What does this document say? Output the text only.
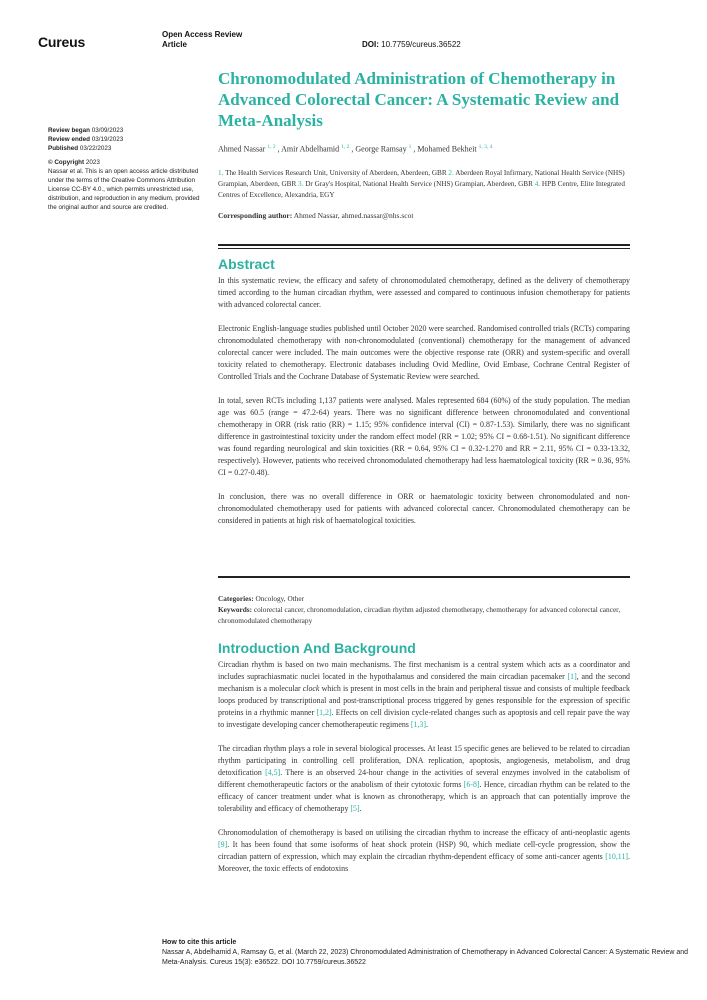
Cureus	Open Access Review
Article	DOI: 10.7759/cureus.36522
Review began 03/09/2023
Review ended 03/19/2023
Published 03/22/2023
© Copyright 2023
Nassar et al. This is an open access article distributed under the terms of the Creative Commons Attribution License CC-BY 4.0., which permits unrestricted use, distribution, and reproduction in any medium, provided the original author and source are credited.
Chronomodulated Administration of Chemotherapy in Advanced Colorectal Cancer: A Systematic Review and Meta-Analysis
Ahmed Nassar $^{1, 2}$ , Amir Abdelhamid $^{1, 2}$ , George Ramsay $^1$ , Mohamed Bekheit $^{1, 3, 4}$
1. The Health Services Research Unit, University of Aberdeen, Aberdeen, GBR 2. Aberdeen Royal Infirmary, National Health Service (NHS) Grampian, Aberdeen, GBR 3. Dr Gray's Hospital, National Health Service (NHS) Grampian, Aberdeen, GBR 4. HPB Centre, Elite Integrated Centres of Excellence, Alexandria, EGY
Corresponding author: Ahmed Nassar, ahmed.nassar@nhs.scot
Abstract

In this systematic review, the efficacy and safety of chronomodulated chemotherapy, defined as the delivery of chemotherapy timed according to the human circadian rhythm, were assessed and compared to continuous infusion chemotherapy for patients with advanced colorectal cancer.

Electronic English-language studies published until October 2020 were searched. Randomised controlled trials (RCTs) comparing chronomodulated chemotherapy with non-chronomodulated (conventional) chemotherapy for the management of advanced colorectal cancer were included. The main outcomes were the objective response rate (ORR) and system-specific and overall toxicity related to chemotherapy. Electronic databases including Ovid Medline, Ovid Embase, Cochrane Central Register of Controlled Trials and the Cochrane Database of Systematic Review were searched.

In total, seven RCTs including 1,137 patients were analysed. Males represented 684 (60%) of the study population. The median age was 60.5 (range = 47.2-64) years. There was no significant difference between chronomodulated and conventional chemotherapy in ORR (risk ratio (RR) = 1.15; 95% confidence interval (CI) = 0.87-1.53). Similarly, there was no significant difference in gastrointestinal toxicity under the random effect model (RR = 1.02; 95% CI = 0.68-1.51). No significant difference was found regarding neurological and skin toxicities (RR = 0.64, 95% CI = 0.32-1.270 and RR = 2.11, 95% CI = 0.33-13.32, respectively). However, patients who received chronomodulated chemotherapy had less haematological toxicity (RR = 0.36, 95% CI = 0.27-0.48).

In conclusion, there was no overall difference in ORR or haematologic toxicity between chronomodulated and non-chronomodulated chemotherapy used for patients with advanced colorectal cancer. Chronomodulated chemotherapy can be considered in patients at high risk of haematological toxicities.

Categories: Oncology, Other
Keywords: colorectal cancer, chronomodulation, circadian rhythm adjusted chemotherapy, chemotherapy for advanced colorectal cancer, chronomodulated chemotherapy
Introduction And Background

Circadian rhythm is based on two main mechanisms. The first mechanism is a central system which acts as a coordinator and includes suprachiasmatic nuclei located in the hypothalamus and considered the main circadian pacemaker [1], and the second mechanism is a molecular clock which is present in most cells in the brain and peripheral tissue and consists of multiple feedback loops produced by transcriptional and post-transcriptional process triggered by genes responsible for the expression of specific proteins in a rhythmic manner [1,2]. Effects on cell division cycle-related changes such as apoptosis and cell repair pave the way to investigate developing cancer chemotherapeutic regimens [1,3].

The circadian rhythm plays a role in several biological processes. At least 15 specific genes are believed to be related to circadian rhythm participating in controlling cell proliferation, DNA replication, apoptosis, angiogenesis, metabolism, and drug detoxification [4,5]. There is an observed 24-hour change in the activities of several enzymes involved in the catabolism of different chemotherapeutic factors or the anabolism of their cytotoxic forms [6-8]. Hence, circadian rhythm can be related to the efficacy of cancer treatment under what is known as chronotherapy, which is an approach that can potentially improve the tolerability and efficacy of chemotherapy [5].

Chronomodulation of chemotherapy is based on utilising the circadian rhythm to increase the efficacy of anti-neoplastic agents [9]. It has been found that some isoforms of heat shock protein (HSP) 90, which mediate cell-cycle progression, show the circadian pattern of expression, which may explain the circadian rhythm-dependent efficacy of some anti-cancer agents [10,11]. Moreover, the toxic effects of endotoxins

How to cite this article
Nassar A, Abdelhamid A, Ramsay G, et al. (March 22, 2023) Chronomodulated Administration of Chemotherapy in Advanced Colorectal Cancer: A Systematic Review and Meta-Analysis. Cureus 15(3): e36522. DOI 10.7759/cureus.36522
